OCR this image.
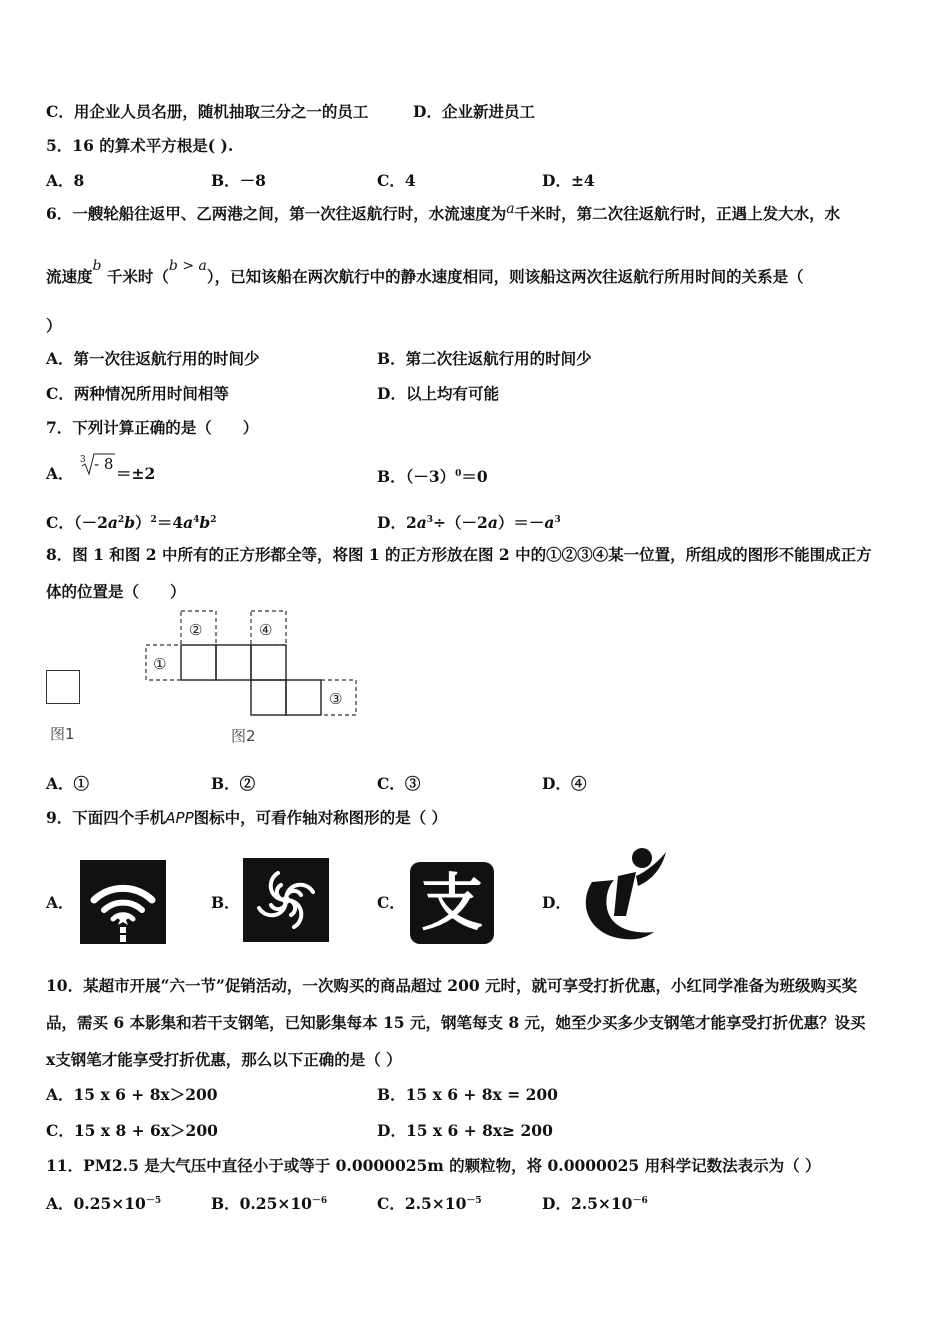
C．用企业人员名册，随机抽取三分之一的员工	D．企业新进员工
5．16 的算术平方根是( ).
A．8	B．－8	C．4	D．±4
6．一艘轮船往返甲、乙两港之间，第一次往返航行时，水流速度为a千米时，第二次往返航行时，正遇上发大水，水
流速度b 千米时（b > a），已知该船在两次航行中的静水速度相同，则该船这两次往返航行所用时间的关系是（
）
A．第一次往返航行用的时间少	B．第二次往返航行用的时间少
C．两种情况所用时间相等	D．以上均有可能
7．下列计算正确的是（　　）
A．
3 - 8 ＝±2	B．$(-3)^0=0$
C．$(-2a^2b)^2=4a^4b^2$	D．$2a^3\div(-2a)=-a^3$
8．图 1 和图 2 中所有的正方形都全等，将图 1 的正方形放在图 2 中的①②③④某一位置，所组成的图形不能围成正方
体的位置是（　　）
图1
①
②	④
③
图2
A．①	B．②	C．③	D．④
9．下面四个手机APP图标中，可看作轴对称图形的是（ ）
A．	B．	C． 支	D．
10．某超市开展“六一节”促销活动，一次购买的商品超过 200 元时，就可享受打折优惠，小红同学准备为班级购买奖
品，需买 6 本影集和若干支钢笔，已知影集每本 15 元，钢笔每支 8 元，她至少买多少支钢笔才能享受打折优惠？设买
x支钢笔才能享受打折优惠，那么以下正确的是（ ）
A．15 x 6 + 8x＞200	B．15 x 6 + 8x = 200
C．15 x 8 + 6x＞200	D．15 x 6 + 8x≥ 200
11．PM2.5 是大气压中直径小于或等于 0.0000025m 的颗粒物，将 0.0000025 用科学记数法表示为（ ）
A．$0.25\times 10^{-5}$	B．$0.25\times 10^{-6}$	C．$2.5\times 10^{-5}$	D．$2.5\times 10^{-6}$
